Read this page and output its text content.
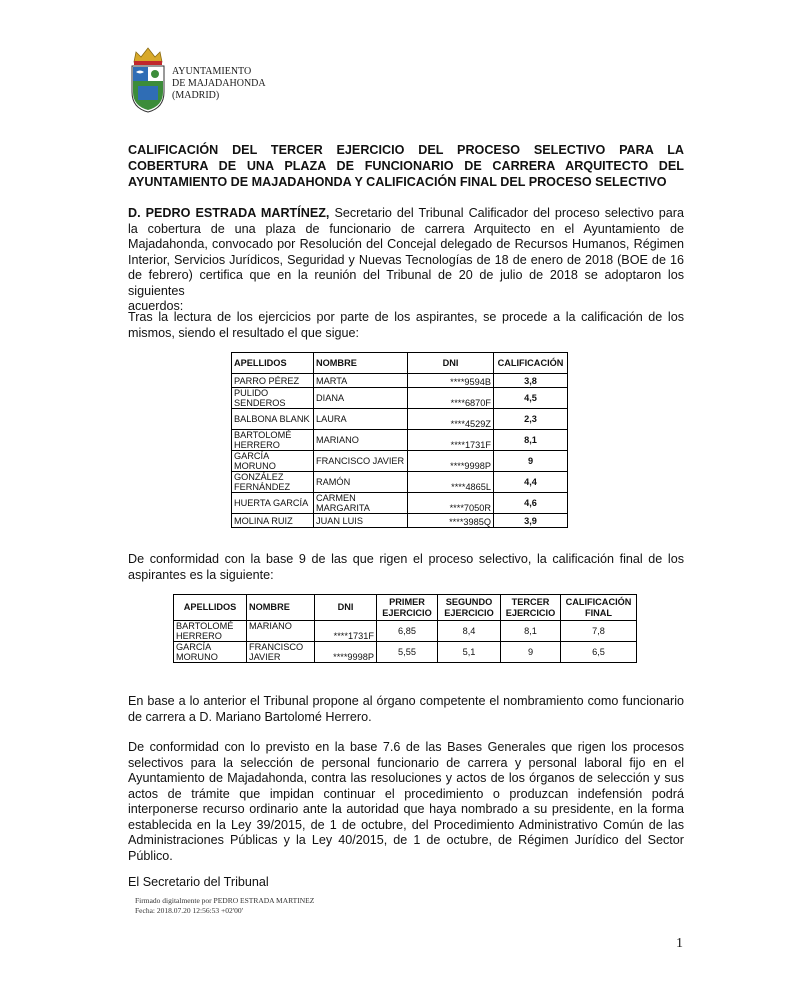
AYUNTAMIENTO
DE MAJADAHONDA
(MADRID)
CALIFICACIÓN DEL TERCER EJERCICIO DEL PROCESO SELECTIVO PARA LA
COBERTURA DE UNA PLAZA DE FUNCIONARIO DE CARRERA ARQUITECTO DEL
AYUNTAMIENTO DE MAJADAHONDA Y CALIFICACIÓN FINAL DEL PROCESO SELECTIVO
D. PEDRO ESTRADA MARTÍNEZ, Secretario del Tribunal Calificador del proceso selectivo para
la cobertura de una plaza de funcionario de carrera Arquitecto en el Ayuntamiento de
Majadahonda, convocado por Resolución del Concejal delegado de Recursos Humanos, Régimen
Interior, Servicios Jurídicos, Seguridad y Nuevas Tecnologías de 18 de enero de 2018 (BOE de 16
de febrero) certifica que en la reunión del Tribunal de 20 de julio de 2018 se adoptaron los siguientes
acuerdos:
Tras la lectura de los ejercicios por parte de los aspirantes, se procede a la calificación de los
mismos, siendo el resultado el que sigue:
APELLIDOS	NOMBRE	DNI	CALIFICACIÓN
PARRO PÉREZ	MARTA	****9594B	3,8
PULIDO SENDEROS	DIANA	****6870F	4,5
BALBONA BLANK	LAURA	****4529Z	2,3
BARTOLOMÉ HERRERO	MARIANO	****1731F	8,1
GARCÍA MORUNO	FRANCISCO JAVIER	****9998P	9
GONZÁLEZ FERNÁNDEZ	RAMÓN	****4865L	4,4
HUERTA GARCÍA	CARMEN MARGARITA	****7050R	4,6
MOLINA RUIZ	JUAN LUIS	****3985Q	3,9
De conformidad con la base 9 de las que rigen el proceso selectivo, la calificación final de los
aspirantes es la siguiente:
APELLIDOS	NOMBRE	DNI	PRIMER EJERCICIO	SEGUNDO EJERCICIO	TERCER EJERCICIO	CALIFICACIÓN FINAL
BARTOLOMÉ HERRERO	MARIANO	****1731F	6,85	8,4	8,1	7,8
GARCÍA MORUNO	FRANCISCO JAVIER	****9998P	5,55	5,1	9	6,5
En base a lo anterior el Tribunal propone al órgano competente el nombramiento como funcionario
de carrera a D. Mariano Bartolomé Herrero.
De conformidad con lo previsto en la base 7.6 de las Bases Generales que rigen los procesos
selectivos para la selección de personal funcionario de carrera y personal laboral fijo en el
Ayuntamiento de Majadahonda, contra las resoluciones y actos de los órganos de selección y sus
actos de trámite que impidan continuar el procedimiento o produzcan indefensión podrá
interponerse recurso ordinario ante la autoridad que haya nombrado a su presidente, en la forma
establecida en la Ley 39/2015, de 1 de octubre, del Procedimiento Administrativo Común de las
Administraciones Públicas y la Ley 40/2015, de 1 de octubre, de Régimen Jurídico del Sector
Público.
El Secretario del Tribunal
Firmado digitalmente por PEDRO ESTRADA MARTINEZ
Fecha: 2018.07.20 12:56:53 +02'00'
1
